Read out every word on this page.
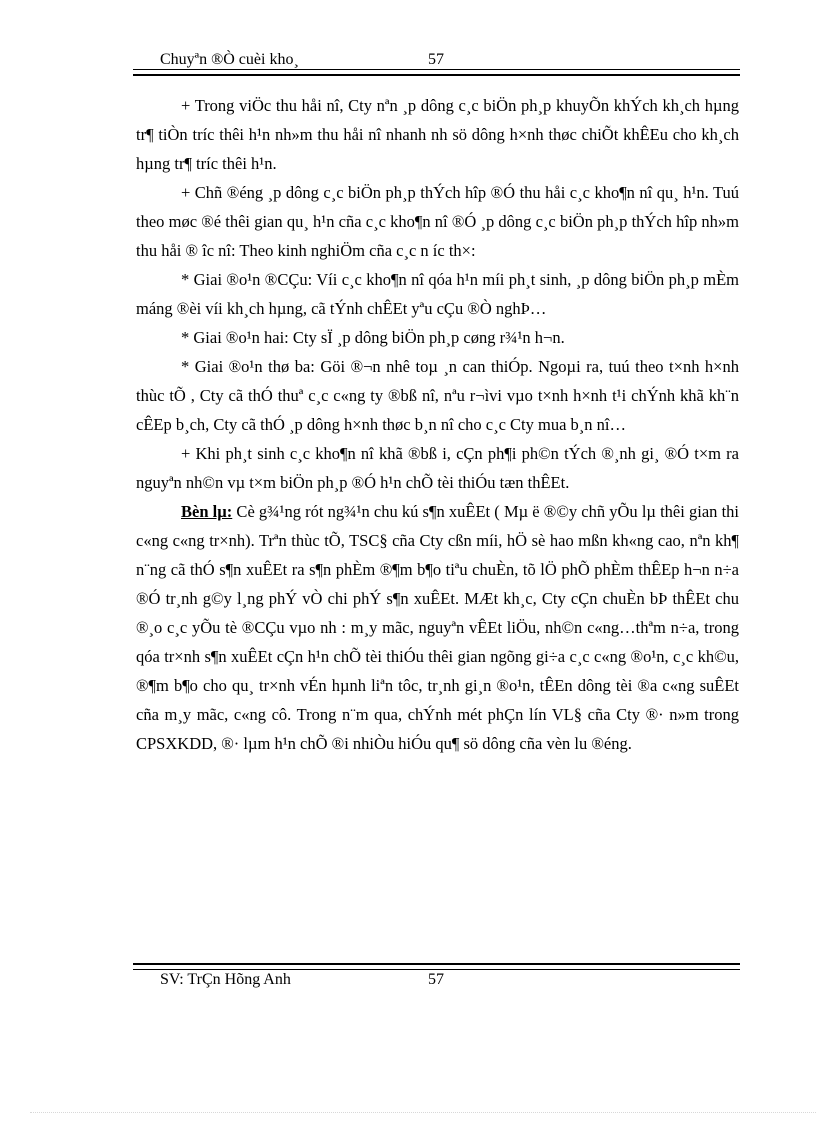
Chuyªn ®Ò cuèi kho¸	57

+ Trong viÖc thu håi nî, Cty nªn ¸p dông c¸c biÖn ph¸p khuyÕn khÝch kh¸ch hµng tr¶ tiÒn tríc thêi h¹n nh»m thu håi nî nhanh nh sö dông h×nh thøc chiÕt khÊEu cho kh¸ch hµng tr¶ tríc thêi h¹n.

+ Chñ ®éng ¸p dông c¸c biÖn ph¸p thÝch hîp ®Ó thu håi c¸c kho¶n nî qu¸ h¹n. Tuú theo møc ®é thêi gian qu¸ h¹n cña c¸c kho¶n nî ®Ó ¸p dông c¸c biÖn ph¸p thÝch hîp nh»m thu håi ® îc nî: Theo kinh nghiÖm cña c¸c n íc th×:

* Giai ®o¹n ®CÇu: Víi c¸c kho¶n nî qóa h¹n míi ph¸t sinh, ¸p dông biÖn ph¸p mÈm máng ®èi víi kh¸ch hµng, cã tÝnh chÊEt yªu cÇu ®Ò nghÞ…

* Giai ®o¹n hai: Cty sÏ ¸p dông biÖn ph¸p cøng r¾¹n h¬n.

* Giai ®o¹n thø ba: Göi ®¬n nhê toµ ¸n can thiÓp. Ngoµi ra, tuú theo t×nh h×nh thùc tÕ , Cty cã thÓ thuª c¸c c«ng ty ®bß nî, nªu r¬ìvi vµo t×nh h×nh t¹i chÝnh khã kh¨n cÊEp b¸ch, Cty cã thÓ ¸p dông h×nh thøc b¸n nî cho c¸c Cty mua b¸n nî…

+ Khi ph¸t sinh c¸c kho¶n nî khã ®bß i, cÇn ph¶i ph©n tÝch ®¸nh gi¸ ®Ó t×m ra nguyªn nh©n vµ t×m biÖn ph¸p ®Ó h¹n chÕ tèi thiÓu tæn thÊEt.

Bèn lµ: Cè g¾¹ng rót ng¾¹n chu kú s¶n xuÊEt ( Mµ ë ®©y chñ yÕu lµ thêi gian thi c«ng c«ng tr×nh). Trªn thùc tÕ, TSC§ cña Cty cßn míi, hÖ sè hao mßn kh«ng cao, nªn kh¶ n¨ng cã thÓ s¶n xuÊEt ra s¶n phÈm ®¶m b¶o tiªu chuÈn, tõ lÖ phÕ phÈm thÊEp h¬n n÷a ®Ó tr¸nh g©y l¸ng phÝ vÒ chi phÝ s¶n xuÊEt. MÆt kh¸c, Cty cÇn chuÈn bÞ thÊEt chu ®¸o c¸c yÕu tè ®CÇu vµo nh : m¸y mãc, nguyªn vÊEt liÖu, nh©n c«ng…thªm n÷a, trong qóa tr×nh s¶n xuÊEt cÇn h¹n chÕ tèi thiÓu thêi gian ngõng gi÷a c¸c c«ng ®o¹n, c¸c kh©u, ®¶m b¶o cho qu¸ tr×nh vÉn hµnh liªn tôc, tr¸nh gi¸n ®o¹n, tÊEn dông tèi ®a c«ng suÊEt cña m¸y mãc, c«ng cô. Trong n¨m qua, chÝnh mét phÇn lín VL§ cña Cty ®· n»m trong CPSXKDD, ®· lµm h¹n chÕ ®i nhiÒu hiÓu qu¶ sö dông cña vèn lu ®éng.

SV: TrÇn Hõng Anh	57
